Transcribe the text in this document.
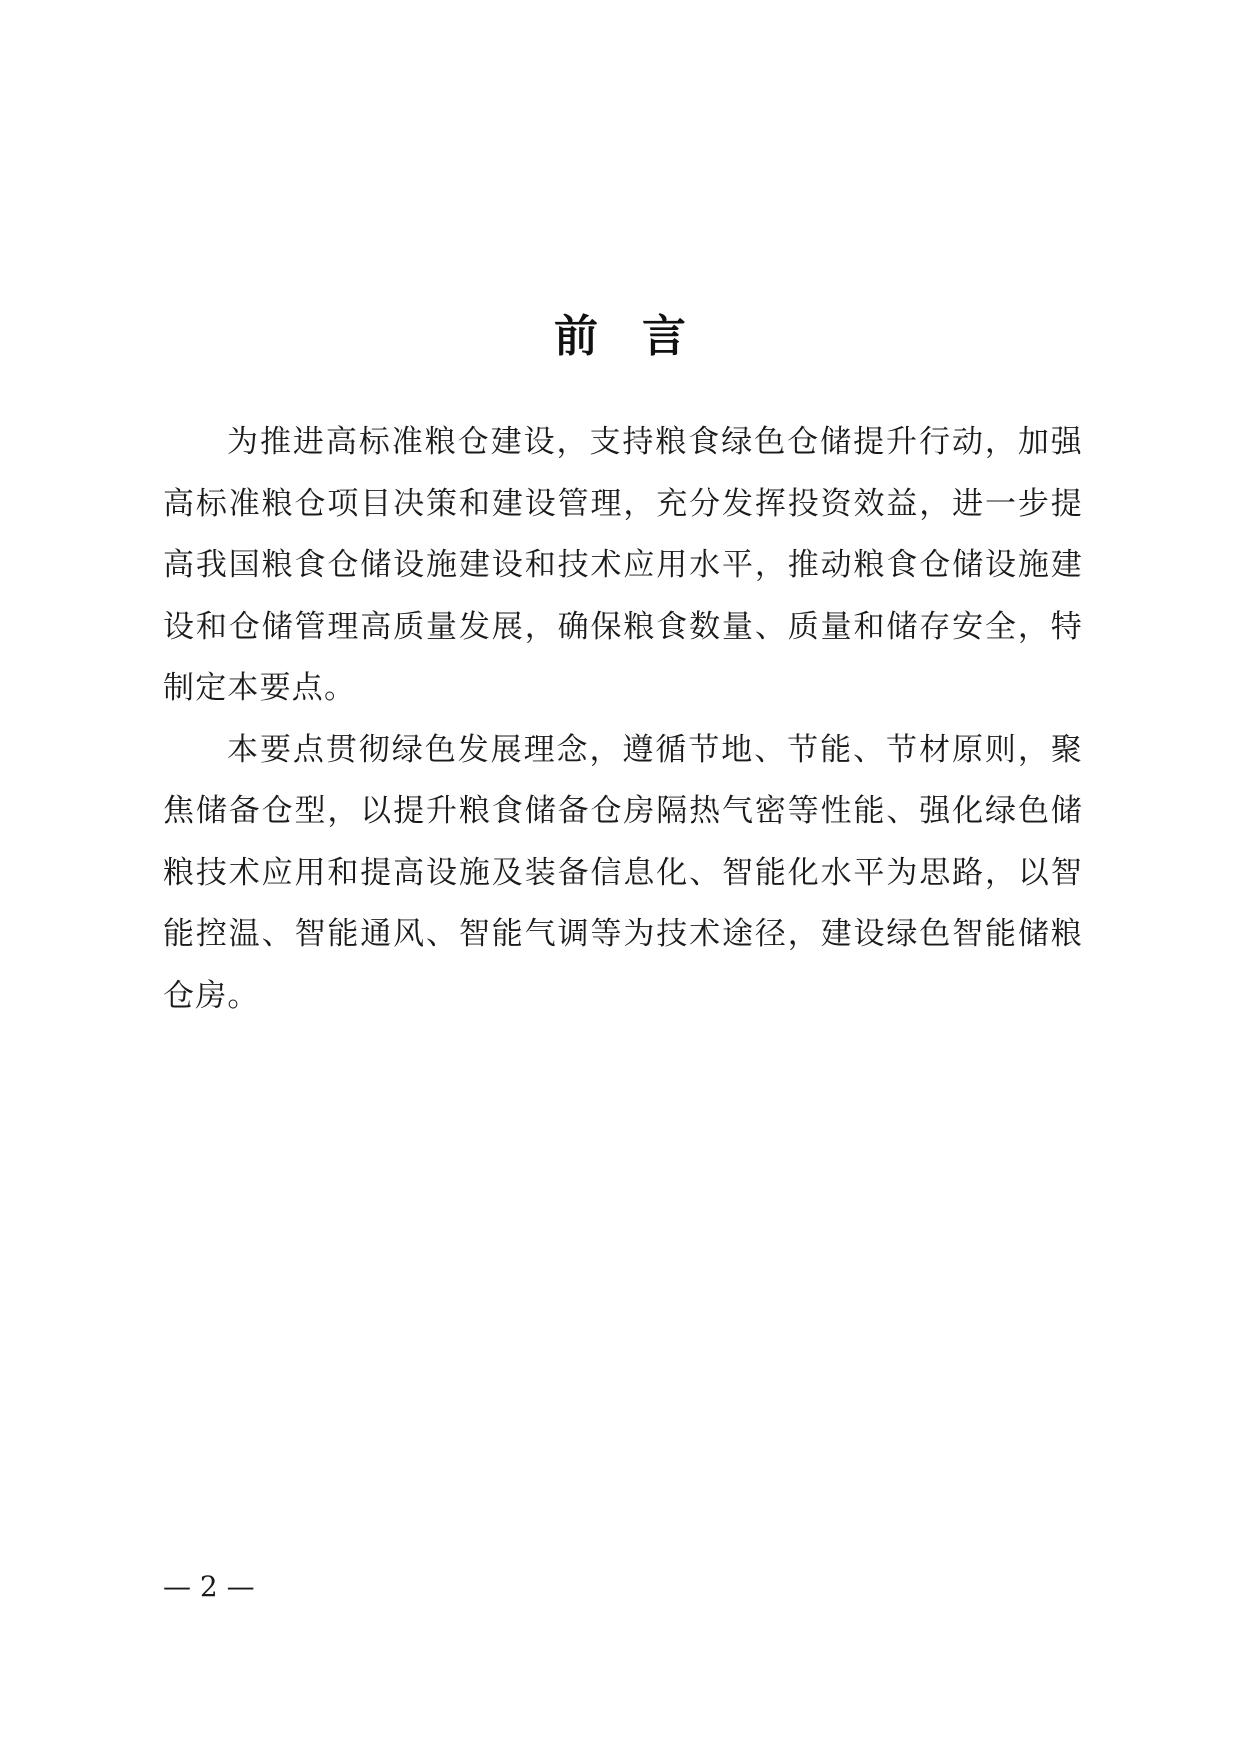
前言

为推进高标准粮仓建设，支持粮食绿色仓储提升行动，加强高标准粮仓项目决策和建设管理，充分发挥投资效益，进一步提高我国粮食仓储设施建设和技术应用水平，推动粮食仓储设施建设和仓储管理高质量发展，确保粮食数量、质量和储存安全，特制定本要点。

本要点贯彻绿色发展理念，遵循节地、节能、节材原则，聚焦储备仓型，以提升粮食储备仓房隔热气密等性能、强化绿色储粮技术应用和提高设施及装备信息化、智能化水平为思路，以智能控温、智能通风、智能气调等为技术途径，建设绿色智能储粮仓房。

— 2 —
